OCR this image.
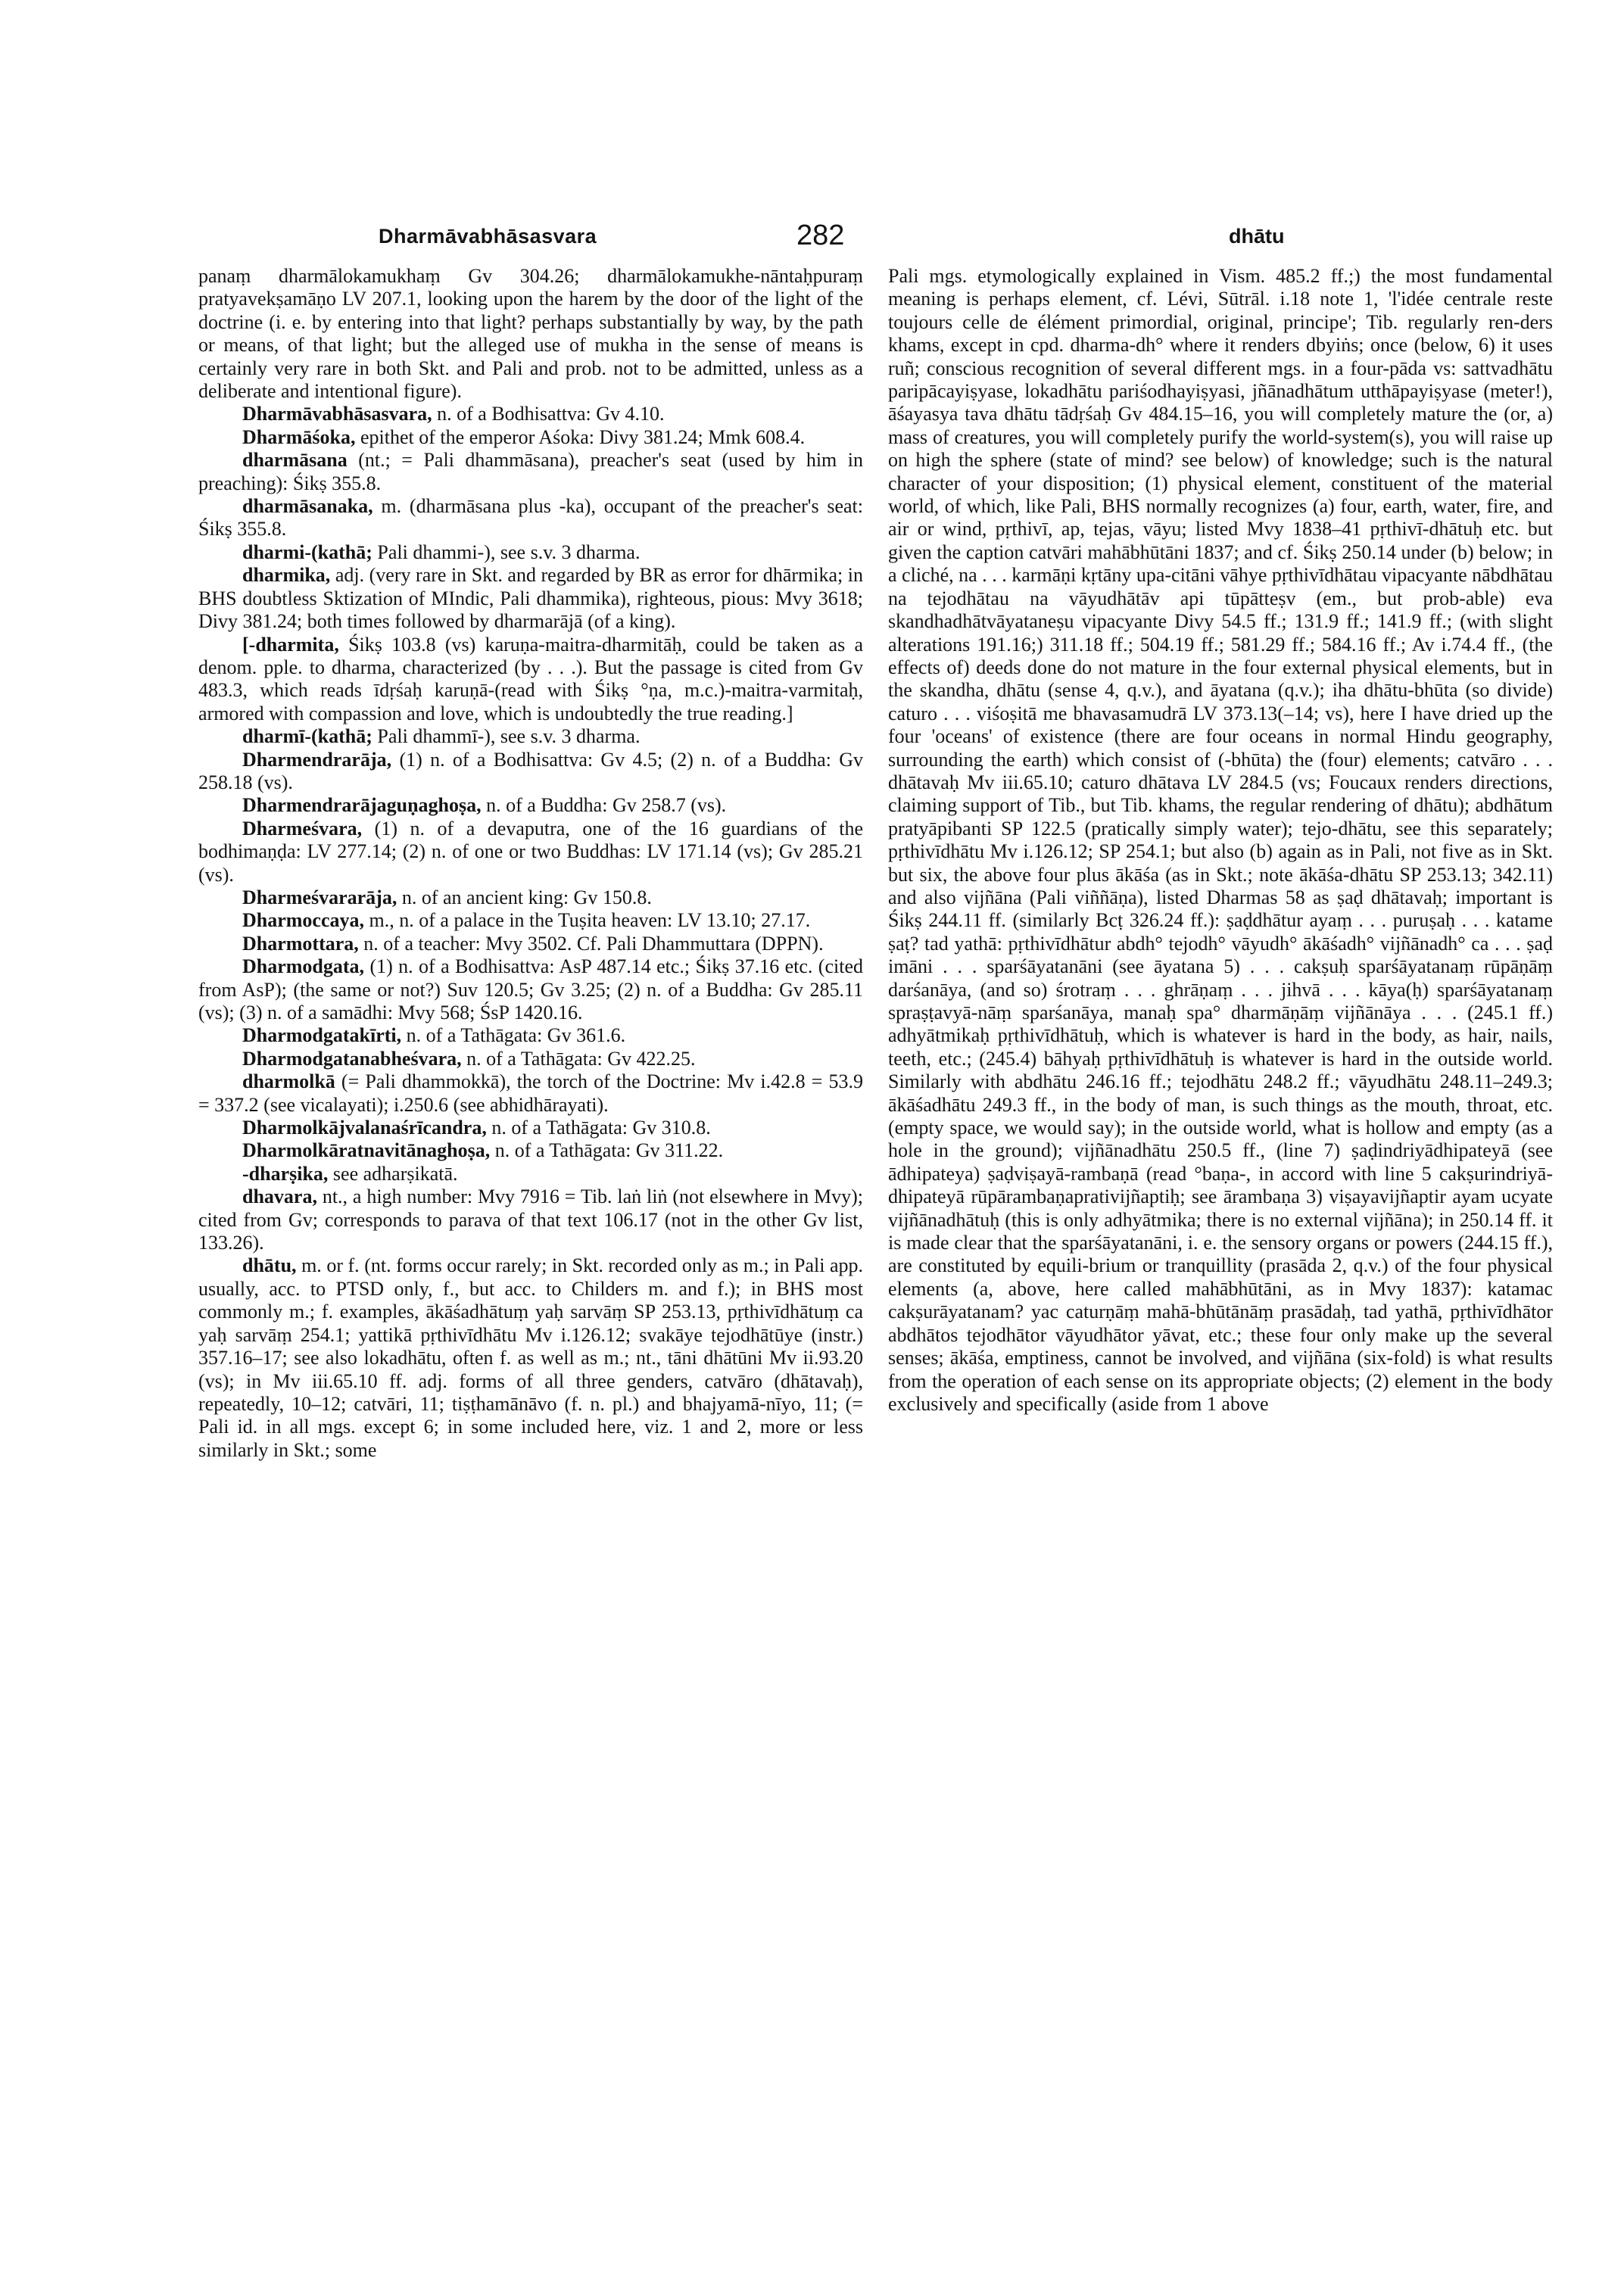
Dharmāvabhāsasvara	282	dhātu

panaṃ dharmālokamukhaṃ Gv 304.26; dharmālokamukhe-nāntaḥpuraṃ pratyavekṣamāṇo LV 207.1, looking upon the harem by the door of the light of the doctrine (i. e. by entering into that light? perhaps substantially by way, by the path or means, of that light; but the alleged use of mukha in the sense of means is certainly very rare in both Skt. and Pali and prob. not to be admitted, unless as a deliberate and intentional figure).

Dharmāvabhāsasvara, n. of a Bodhisattva: Gv 4.10.

Dharmāśoka, epithet of the emperor Aśoka: Divy 381.24; Mmk 608.4.

dharmāsana (nt.; = Pali dhammāsana), preacher's seat (used by him in preaching): Śikṣ 355.8.

dharmāsanaka, m. (dharmāsana plus -ka), occupant of the preacher's seat: Śikṣ 355.8.

dharmi-(kathā; Pali dhammi-), see s.v. 3 dharma.

dharmika, adj. (very rare in Skt. and regarded by BR as error for dhārmika; in BHS doubtless Sktization of MIndic, Pali dhammika), righteous, pious: Mvy 3618; Divy 381.24; both times followed by dharmarājā (of a king).

[-dharmita, Śikṣ 103.8 (vs) karuṇa-maitra-dharmitāḥ, could be taken as a denom. pple. to dharma, characterized (by . . .). But the passage is cited from Gv 483.3, which reads īdṛśaḥ karuṇā-(read with Śikṣ °ṇa, m.c.)-maitra-varmitaḥ, armored with compassion and love, which is undoubtedly the true reading.]

dharmī-(kathā; Pali dhammī-), see s.v. 3 dharma.

Dharmendrarāja, (1) n. of a Bodhisattva: Gv 4.5; (2) n. of a Buddha: Gv 258.18 (vs).

Dharmendrarājaguṇaghoṣa, n. of a Buddha: Gv 258.7 (vs).

Dharmeśvara, (1) n. of a devaputra, one of the 16 guardians of the bodhimaṇḍa: LV 277.14; (2) n. of one or two Buddhas: LV 171.14 (vs); Gv 285.21 (vs).

Dharmeśvararāja, n. of an ancient king: Gv 150.8.

Dharmoccaya, m., n. of a palace in the Tuṣita heaven: LV 13.10; 27.17.

Dharmottara, n. of a teacher: Mvy 3502. Cf. Pali Dhammuttara (DPPN).

Dharmodgata, (1) n. of a Bodhisattva: AsP 487.14 etc.; Śikṣ 37.16 etc. (cited from AsP); (the same or not?) Suv 120.5; Gv 3.25; (2) n. of a Buddha: Gv 285.11 (vs); (3) n. of a samādhi: Mvy 568; ŚsP 1420.16.

Dharmodgatakīrti, n. of a Tathāgata: Gv 361.6.

Dharmodgatanabheśvara, n. of a Tathāgata: Gv 422.25.

dharmolkā (= Pali dhammokkā), the torch of the Doctrine: Mv i.42.8 = 53.9 = 337.2 (see vicalayati); i.250.6 (see abhidhārayati).

Dharmolkājvalanaśrīcandra, n. of a Tathāgata: Gv 310.8.

Dharmolkāratnavitānaghoṣa, n. of a Tathāgata: Gv 311.22.

-dharṣika, see adharṣikatā.

dhavara, nt., a high number: Mvy 7916 = Tib. laṅ liṅ (not elsewhere in Mvy); cited from Gv; corresponds to parava of that text 106.17 (not in the other Gv list, 133.26).

dhātu, m. or f. (nt. forms occur rarely; in Skt. recorded only as m.; in Pali app. usually, acc. to PTSD only, f., but acc. to Childers m. and f.); in BHS most commonly m.; f. examples, ākāśadhātuṃ yaḥ sarvāṃ SP 253.13, pṛthivīdhātuṃ ca yaḥ sarvāṃ 254.1; yattikā pṛthivīdhātu Mv i.126.12; svakāye tejodhātūye (instr.) 357.16–17; see also lokadhātu, often f. as well as m.; nt., tāni dhātūni Mv ii.93.20 (vs); in Mv iii.65.10 ff. adj. forms of all three genders, catvāro (dhātavaḥ), repeatedly, 10–12; catvāri, 11; tiṣṭhamānāvo (f. n. pl.) and bhajyamā-nīyo, 11; (= Pali id. in all mgs. except 6; in some included here, viz. 1 and 2, more or less similarly in Skt.; some

Pali mgs. etymologically explained in Vism. 485.2 ff.;) the most fundamental meaning is perhaps element, cf. Lévi, Sūtrāl. i.18 note 1, 'l'idée centrale reste toujours celle de élément primordial, original, principe'; Tib. regularly ren-ders khams, except in cpd. dharma-dh° where it renders dbyiṅs; once (below, 6) it uses ruñ; conscious recognition of several different mgs. in a four-pāda vs: sattvadhātu paripācayiṣyase, lokadhātu pariśodhayiṣyasi, jñānadhātum utthāpayiṣyase (meter!), āśayasya tava dhātu tādṛśaḥ Gv 484.15–16, you will completely mature the (or, a) mass of creatures, you will completely purify the world-system(s), you will raise up on high the sphere (state of mind? see below) of knowledge; such is the natural character of your disposition; (1) physical element, constituent of the material world, of which, like Pali, BHS normally recognizes (a) four, earth, water, fire, and air or wind, pṛthivī, ap, tejas, vāyu; listed Mvy 1838–41 pṛthivī-dhātuḥ etc. but given the caption catvāri mahābhūtāni 1837; and cf. Śikṣ 250.14 under (b) below; in a cliché, na . . . karmāṇi kṛtāny upa-citāni vāhye pṛthivīdhātau vipacyante nābdhātau na tejodhātau na vāyudhātāv api tūpātteṣv (em., but prob-able) eva skandhadhātvāyataneṣu vipacyante Divy 54.5 ff.; 131.9 ff.; 141.9 ff.; (with slight alterations 191.16;) 311.18 ff.; 504.19 ff.; 581.29 ff.; 584.16 ff.; Av i.74.4 ff., (the effects of) deeds done do not mature in the four external physical elements, but in the skandha, dhātu (sense 4, q.v.), and āyatana (q.v.); iha dhātu-bhūta (so divide) caturo . . . viśoṣitā me bhavasamudrā LV 373.13(–14; vs), here I have dried up the four 'oceans' of existence (there are four oceans in normal Hindu geography, surrounding the earth) which consist of (-bhūta) the (four) elements; catvāro . . . dhātavaḥ Mv iii.65.10; caturo dhātava LV 284.5 (vs; Foucaux renders directions, claiming support of Tib., but Tib. khams, the regular rendering of dhātu); abdhātum pratyāpibanti SP 122.5 (pratically simply water); tejo-dhātu, see this separately; pṛthivīdhātu Mv i.126.12; SP 254.1; but also (b) again as in Pali, not five as in Skt. but six, the above four plus ākāśa (as in Skt.; note ākāśa-dhātu SP 253.13; 342.11) and also vijñāna (Pali viññāṇa), listed Dharmas 58 as ṣaḍ dhātavaḥ; important is Śikṣ 244.11 ff. (similarly Bcṭ 326.24 ff.): ṣaḍdhātur ayaṃ . . . puruṣaḥ . . . katame ṣaṭ? tad yathā: pṛthivīdhātur abdh° tejodh° vāyudh° ākāśadh° vijñānadh° ca . . . ṣaḍ imāni . . . sparśāyatanāni (see āyatana 5) . . . cakṣuḥ sparśāyatanaṃ rūpāṇāṃ darśanāya, (and so) śrotraṃ . . . ghrāṇaṃ . . . jihvā . . . kāya(ḥ) sparśāyatanaṃ spraṣṭavyā-nāṃ sparśanāya, manaḥ spa° dharmāṇāṃ vijñānāya . . . (245.1 ff.) adhyātmikaḥ pṛthivīdhātuḥ, which is whatever is hard in the body, as hair, nails, teeth, etc.; (245.4) bāhyaḥ pṛthivīdhātuḥ is whatever is hard in the outside world. Similarly with abdhātu 246.16 ff.; tejodhātu 248.2 ff.; vāyudhātu 248.11–249.3; ākāśadhātu 249.3 ff., in the body of man, is such things as the mouth, throat, etc. (empty space, we would say); in the outside world, what is hollow and empty (as a hole in the ground); vijñānadhātu 250.5 ff., (line 7) ṣaḍindriyādhipateyā (see ādhipateya) ṣaḍviṣayā-rambaṇā (read °baṇa-, in accord with line 5 cakṣurindriyā-dhipateyā rūpārambaṇaprativijñaptiḥ; see ārambaṇa 3) viṣayavijñaptir ayam ucyate vijñānadhātuḥ (this is only adhyātmika; there is no external vijñāna); in 250.14 ff. it is made clear that the sparśāyatanāni, i. e. the sensory organs or powers (244.15 ff.), are constituted by equili-brium or tranquillity (prasāda 2, q.v.) of the four physical elements (a, above, here called mahābhūtāni, as in Mvy 1837): katamac cakṣurāyatanam? yac caturṇāṃ mahā-bhūtānāṃ prasādaḥ, tad yathā, pṛthivīdhātor abdhātos tejodhātor vāyudhātor yāvat, etc.; these four only make up the several senses; ākāśa, emptiness, cannot be involved, and vijñāna (six-fold) is what results from the operation of each sense on its appropriate objects; (2) element in the body exclusively and specifically (aside from 1 above
